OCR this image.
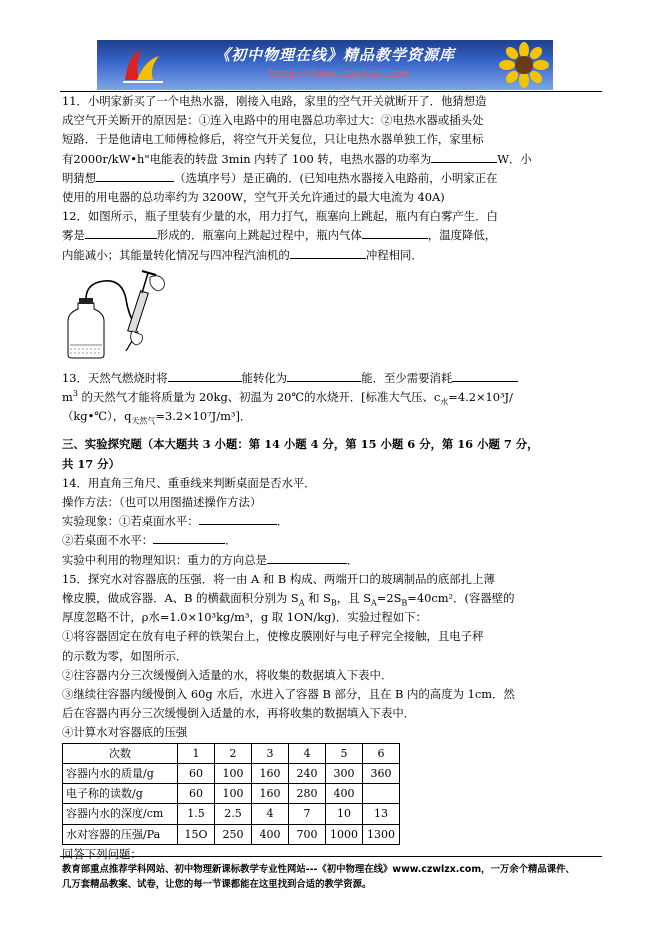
《初中物理在线》精品教学资源库
http://www.czwlzx.com

11．小明家新买了一个电热水器，刚接入电路，家里的空气开关就断开了．他猜想造

成空气开关断开的原因是：①连入电路中的用电器总功率过大：②电热水器或插头处

短路．于是他请电工师傅检修后，将空气开关复位，只让电热水器单独工作，家里标

有2000r/kW•h"电能表的转盘 3min 内转了 100 转，电热水器的功率为	W．小

明猜想	（选填序号）是正确的．(已知电热水器接入电路前，小明家正在

使用的用电器的总功率约为 3200W，空气开关允许通过的最大电流为 40A)

12．如图所示，瓶子里装有少量的水，用力打气，瓶塞向上跳起，瓶内有白雾产生．白

雾是	形成的．瓶塞向上跳起过程中，瓶内气体	，温度降低，

内能减小；其能量转化情况与四冲程汽油机的	冲程相同．

13．天然气燃烧时将	能转化为	能．至少需要消耗

$m^3$ 的天然气才能将质量为 20kg、初温为 20℃的水烧开．[标准大气压、$c_水=4.2\times 10^3J/$

（kg•℃），$q_{天然气}=3.2\times 10^7J/m^3$]．

三、实验探究题（本大题共 3 小题：第 14 小题 4 分，第 15 小题 6 分，第 16 小题 7 分，

共 17 分）

14．用直角三角尺、重垂线来判断桌面是否水平．

操作方法：（也可以用图描述操作方法）

实验现象：①若桌面水平：	．

②若桌面不水平：	．

实验中利用的物理知识：重力的方向总是	．

15．探究水对容器底的压强．将一由 A 和 B 构成、两端开口的玻璃制品的底部扎上薄

橡皮膜，做成容器．A、B 的横截面积分别为 $S_A$ 和 $S_B$，且 $S_A=2S_B=40cm^2$．(容器壁的

厚度忽略不计，ρ水=1.0×10³kg/m³，g 取 1ON/kg)．实验过程如下：

①将容器固定在放有电子秤的铁架台上，使橡皮膜刚好与电子秤完全接触，且电子秤

的示数为零，如图所示．

②往容器内分三次缓慢倒入适量的水，将收集的数据填入下表中．

③继续往容器内缓慢倒入 60g 水后，水进入了容器 B 部分，且在 B 内的高度为 1cm．然

后在容器内再分三次缓慢倒入适量的水，再将收集的数据填入下表中．

④计算水对容器底的压强

次数	1	2	3	4	5	6
容器内水的质量/g	60	100	160	240	300	360
电子称的读数/g	60	100	160	280	400	
容器内水的深度/cm	1.5	2.5	4	7	10	13
水对容器的压强/Pa	15O	250	400	700	1000	1300

回答下列问题：

教育部重点推荐学科网站、初中物理新课标教学专业性网站---《初中物理在线》www.czwlzx.com，一万余个精品课件、

几万套精品教案、试卷，让您的每一节课都能在这里找到合适的教学资源。
